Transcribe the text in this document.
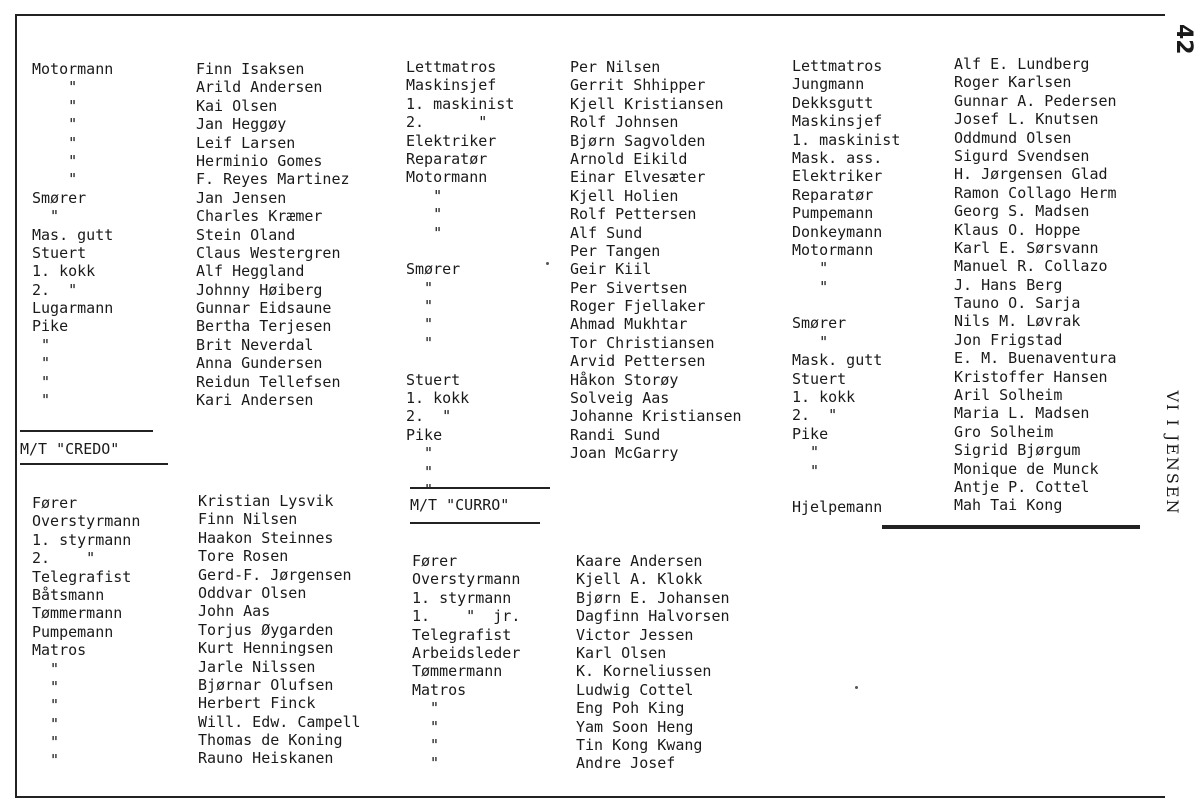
42
VI I JENSEN
Motormann
"
"
"
"
"
"
Smører
"
Mas. gutt
Stuert
1. kokk
2.  "
Lugarmann
Pike
"
"
"
"
Finn Isaksen
Arild Andersen
Kai Olsen
Jan Heggøy
Leif Larsen
Herminio Gomes
F. Reyes Martinez
Jan Jensen
Charles Kræmer
Stein Oland
Claus Westergren
Alf Heggland
Johnny Høiberg
Gunnar Eidsaune
Bertha Terjesen
Brit Neverdal
Anna Gundersen
Reidun Tellefsen
Kari Andersen
Lettmatros
Maskinsjef
1. maskinist
2.      "
Elektriker
Reparatør
Motormann
"
"
"
Smører
"
"
"
"
Stuert
1. kokk
2.  "
Pike
"
"
"
Per Nilsen
Gerrit Shhipper
Kjell Kristiansen
Rolf Johnsen
Bjørn Sagvolden
Arnold Eikild
Einar Elvesæter
Kjell Holien
Rolf Pettersen
Alf Sund
Per Tangen
Geir Kiil
Per Sivertsen
Roger Fjellaker
Ahmad Mukhtar
Tor Christiansen
Arvid Pettersen
Håkon Storøy
Solveig Aas
Johanne Kristiansen
Randi Sund
Joan McGarry
Lettmatros
Jungmann
Dekksgutt
Maskinsjef
1. maskinist
Mask. ass.
Elektriker
Reparatør
Pumpemann
Donkeymann
Motormann
"
"
Smører
"
Mask. gutt
Stuert
1. kokk
2.  "
Pike
"
"
Hjelpemann
Alf E. Lundberg
Roger Karlsen
Gunnar A. Pedersen
Josef L. Knutsen
Oddmund Olsen
Sigurd Svendsen
H. Jørgensen Glad
Ramon Collago Herm
Georg S. Madsen
Klaus O. Hoppe
Karl E. Sørsvann
Manuel R. Collazo
J. Hans Berg
Tauno O. Sarja
Nils M. Løvrak
Jon Frigstad
E. M. Buenaventura
Kristoffer Hansen
Aril Solheim
Maria L. Madsen
Gro Solheim
Sigrid Bjørgum
Monique de Munck
Antje P. Cottel
Mah Tai Kong
M/T "CREDO"
Fører
Overstyrmann
1. styrmann
2.    "
Telegrafist
Båtsmann
Tømmermann
Pumpemann
Matros
"
"
"
"
"
"
Kristian Lysvik
Finn Nilsen
Haakon Steinnes
Tore Rosen
Gerd-F. Jørgensen
Oddvar Olsen
John Aas
Torjus Øygarden
Kurt Henningsen
Jarle Nilssen
Bjørnar Olufsen
Herbert Finck
Will. Edw. Campell
Thomas de Koning
Rauno Heiskanen
M/T "CURRO"
Fører
Overstyrmann
1. styrmann
1.    "  jr.
Telegrafist
Arbeidsleder
Tømmermann
Matros
"
"
"
"
Kaare Andersen
Kjell A. Klokk
Bjørn E. Johansen
Dagfinn Halvorsen
Victor Jessen
Karl Olsen
K. Korneliussen
Ludwig Cottel
Eng Poh King
Yam Soon Heng
Tin Kong Kwang
Andre Josef
